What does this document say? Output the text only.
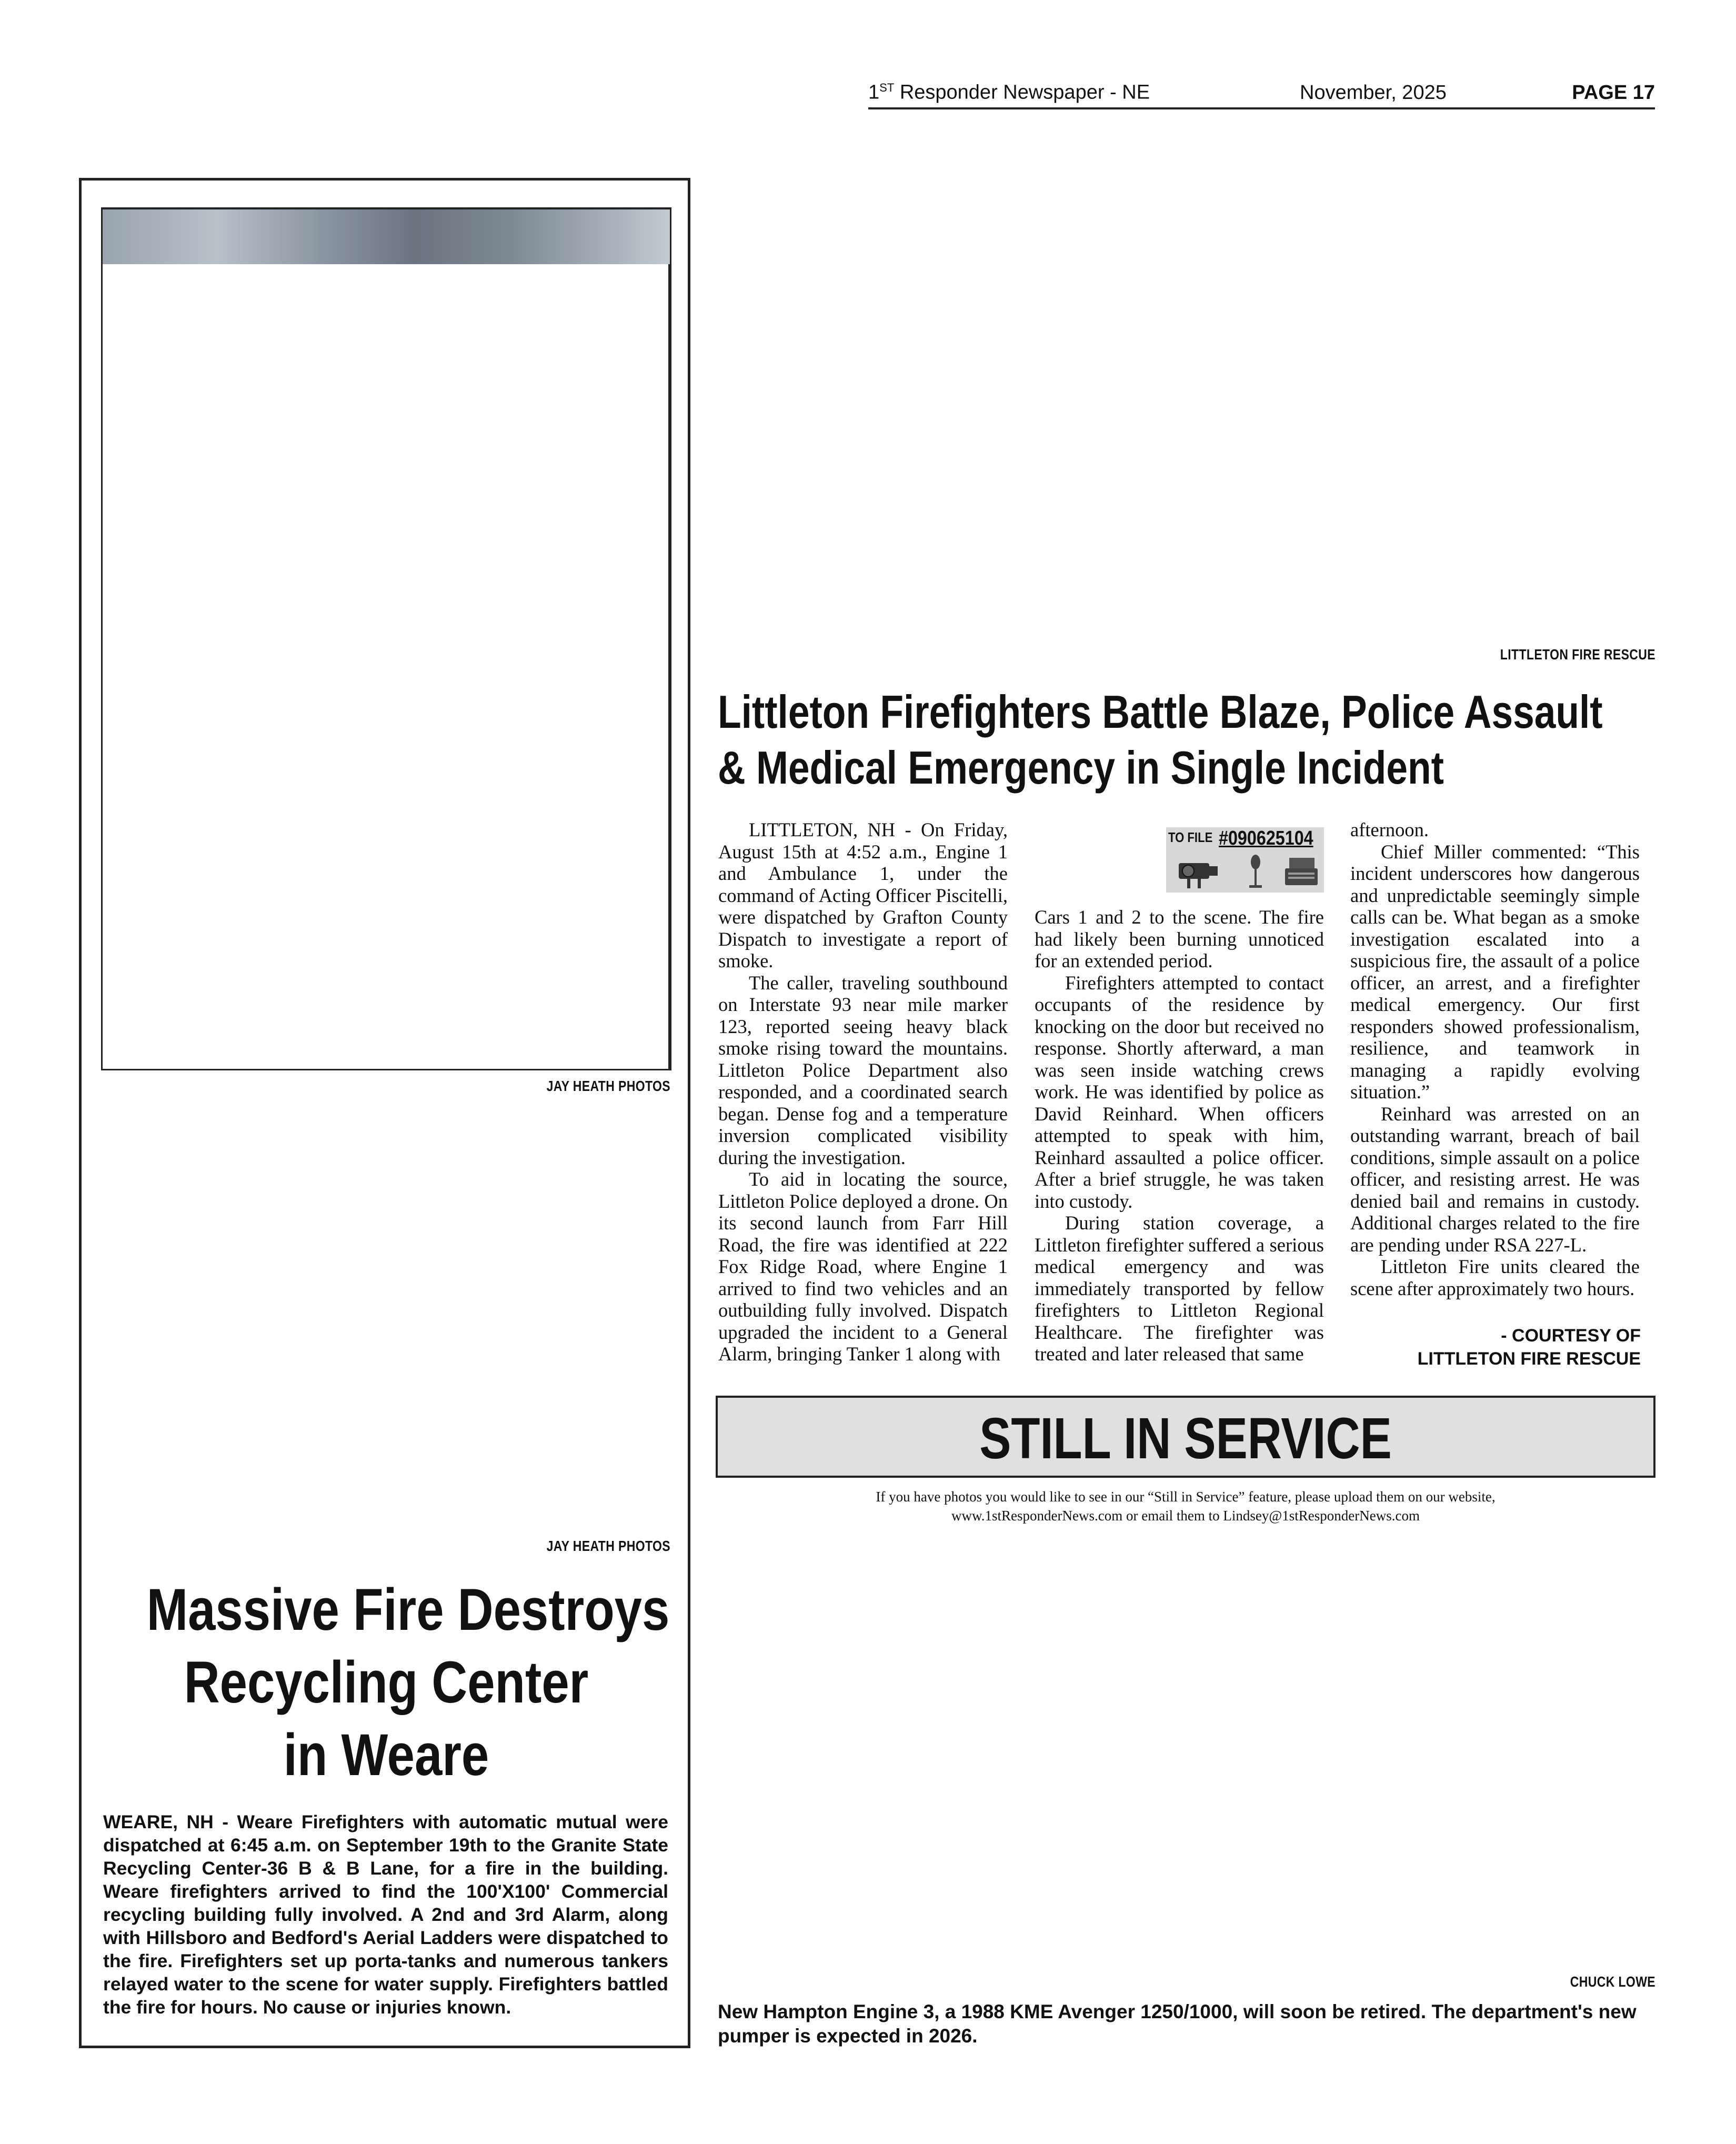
1ST Responder Newspaper - NE	November, 2025	PAGE 17
JAY HEATH PHOTOS
JAY HEATH PHOTOS
Massive Fire Destroys
Recycling Center
in Weare
WEARE, NH - Weare Firefighters with automatic mutual were dispatched at 6:45 a.m. on September 19th to the Granite State Recycling Center-36 B & B Lane, for a fire in the building. Weare firefighters arrived to find the 100'X100' Commercial recycling building fully involved. A 2nd and 3rd Alarm, along with Hillsboro and Bedford's Aerial Ladders were dispatched to the fire. Firefighters set up porta-tanks and numerous tankers relayed water to the scene for water supply. Firefighters battled the fire for hours. No cause or injuries known.
LITTLETON FIRE RESCUE
Littleton Firefighters Battle Blaze, Police Assault
& Medical Emergency in Single Incident

LITTLETON, NH - On Friday, August 15th at 4:52 a.m., Engine 1 and Ambulance 1, under the command of Acting Officer Piscitelli, were dispatched by Grafton County Dispatch to investigate a report of smoke.

The caller, traveling southbound on Interstate 93 near mile marker 123, reported seeing heavy black smoke rising toward the mountains. Littleton Police Department also responded, and a coordinated search began. Dense fog and a temperature inversion complicated visibility during the investigation.

To aid in locating the source, Littleton Police deployed a drone. On its second launch from Farr Hill Road, the fire was identified at 222 Fox Ridge Road, where Engine 1 arrived to find two vehicles and an outbuilding fully involved. Dispatch upgraded the incident to a General Alarm, bringing Tanker 1 along with

TO FILE #090625104

Cars 1 and 2 to the scene. The fire had likely been burning unnoticed for an extended period.

Firefighters attempted to contact occupants of the residence by knocking on the door but received no response. Shortly afterward, a man was seen inside watching crews work. He was identified by police as David Reinhard. When officers attempted to speak with him, Reinhard assaulted a police officer. After a brief struggle, he was taken into custody.

During station coverage, a Littleton firefighter suffered a serious medical emergency and was immediately transported by fellow firefighters to Littleton Regional Healthcare. The firefighter was treated and later released that same

afternoon.

Chief Miller commented: “This incident underscores how dangerous and unpredictable seemingly simple calls can be. What began as a smoke investigation escalated into a suspicious fire, the assault of a police officer, an arrest, and a firefighter medical emergency. Our first responders showed professionalism, resilience, and teamwork in managing a rapidly evolving situation.”

Reinhard was arrested on an outstanding warrant, breach of bail conditions, simple assault on a police officer, and resisting arrest. He was denied bail and remains in custody. Additional charges related to the fire are pending under RSA 227-L.

Littleton Fire units cleared the scene after approximately two hours.

- COURTESY OF
LITTLETON FIRE RESCUE
STILL IN SERVICE
If you have photos you would like to see in our “Still in Service” feature, please upload them on our website,
www.1stResponderNews.com or email them to Lindsey@1stResponderNews.com
CHUCK LOWE
New Hampton Engine 3, a 1988 KME Avenger 1250/1000, will soon be retired. The department's new pumper is expected in 2026.
